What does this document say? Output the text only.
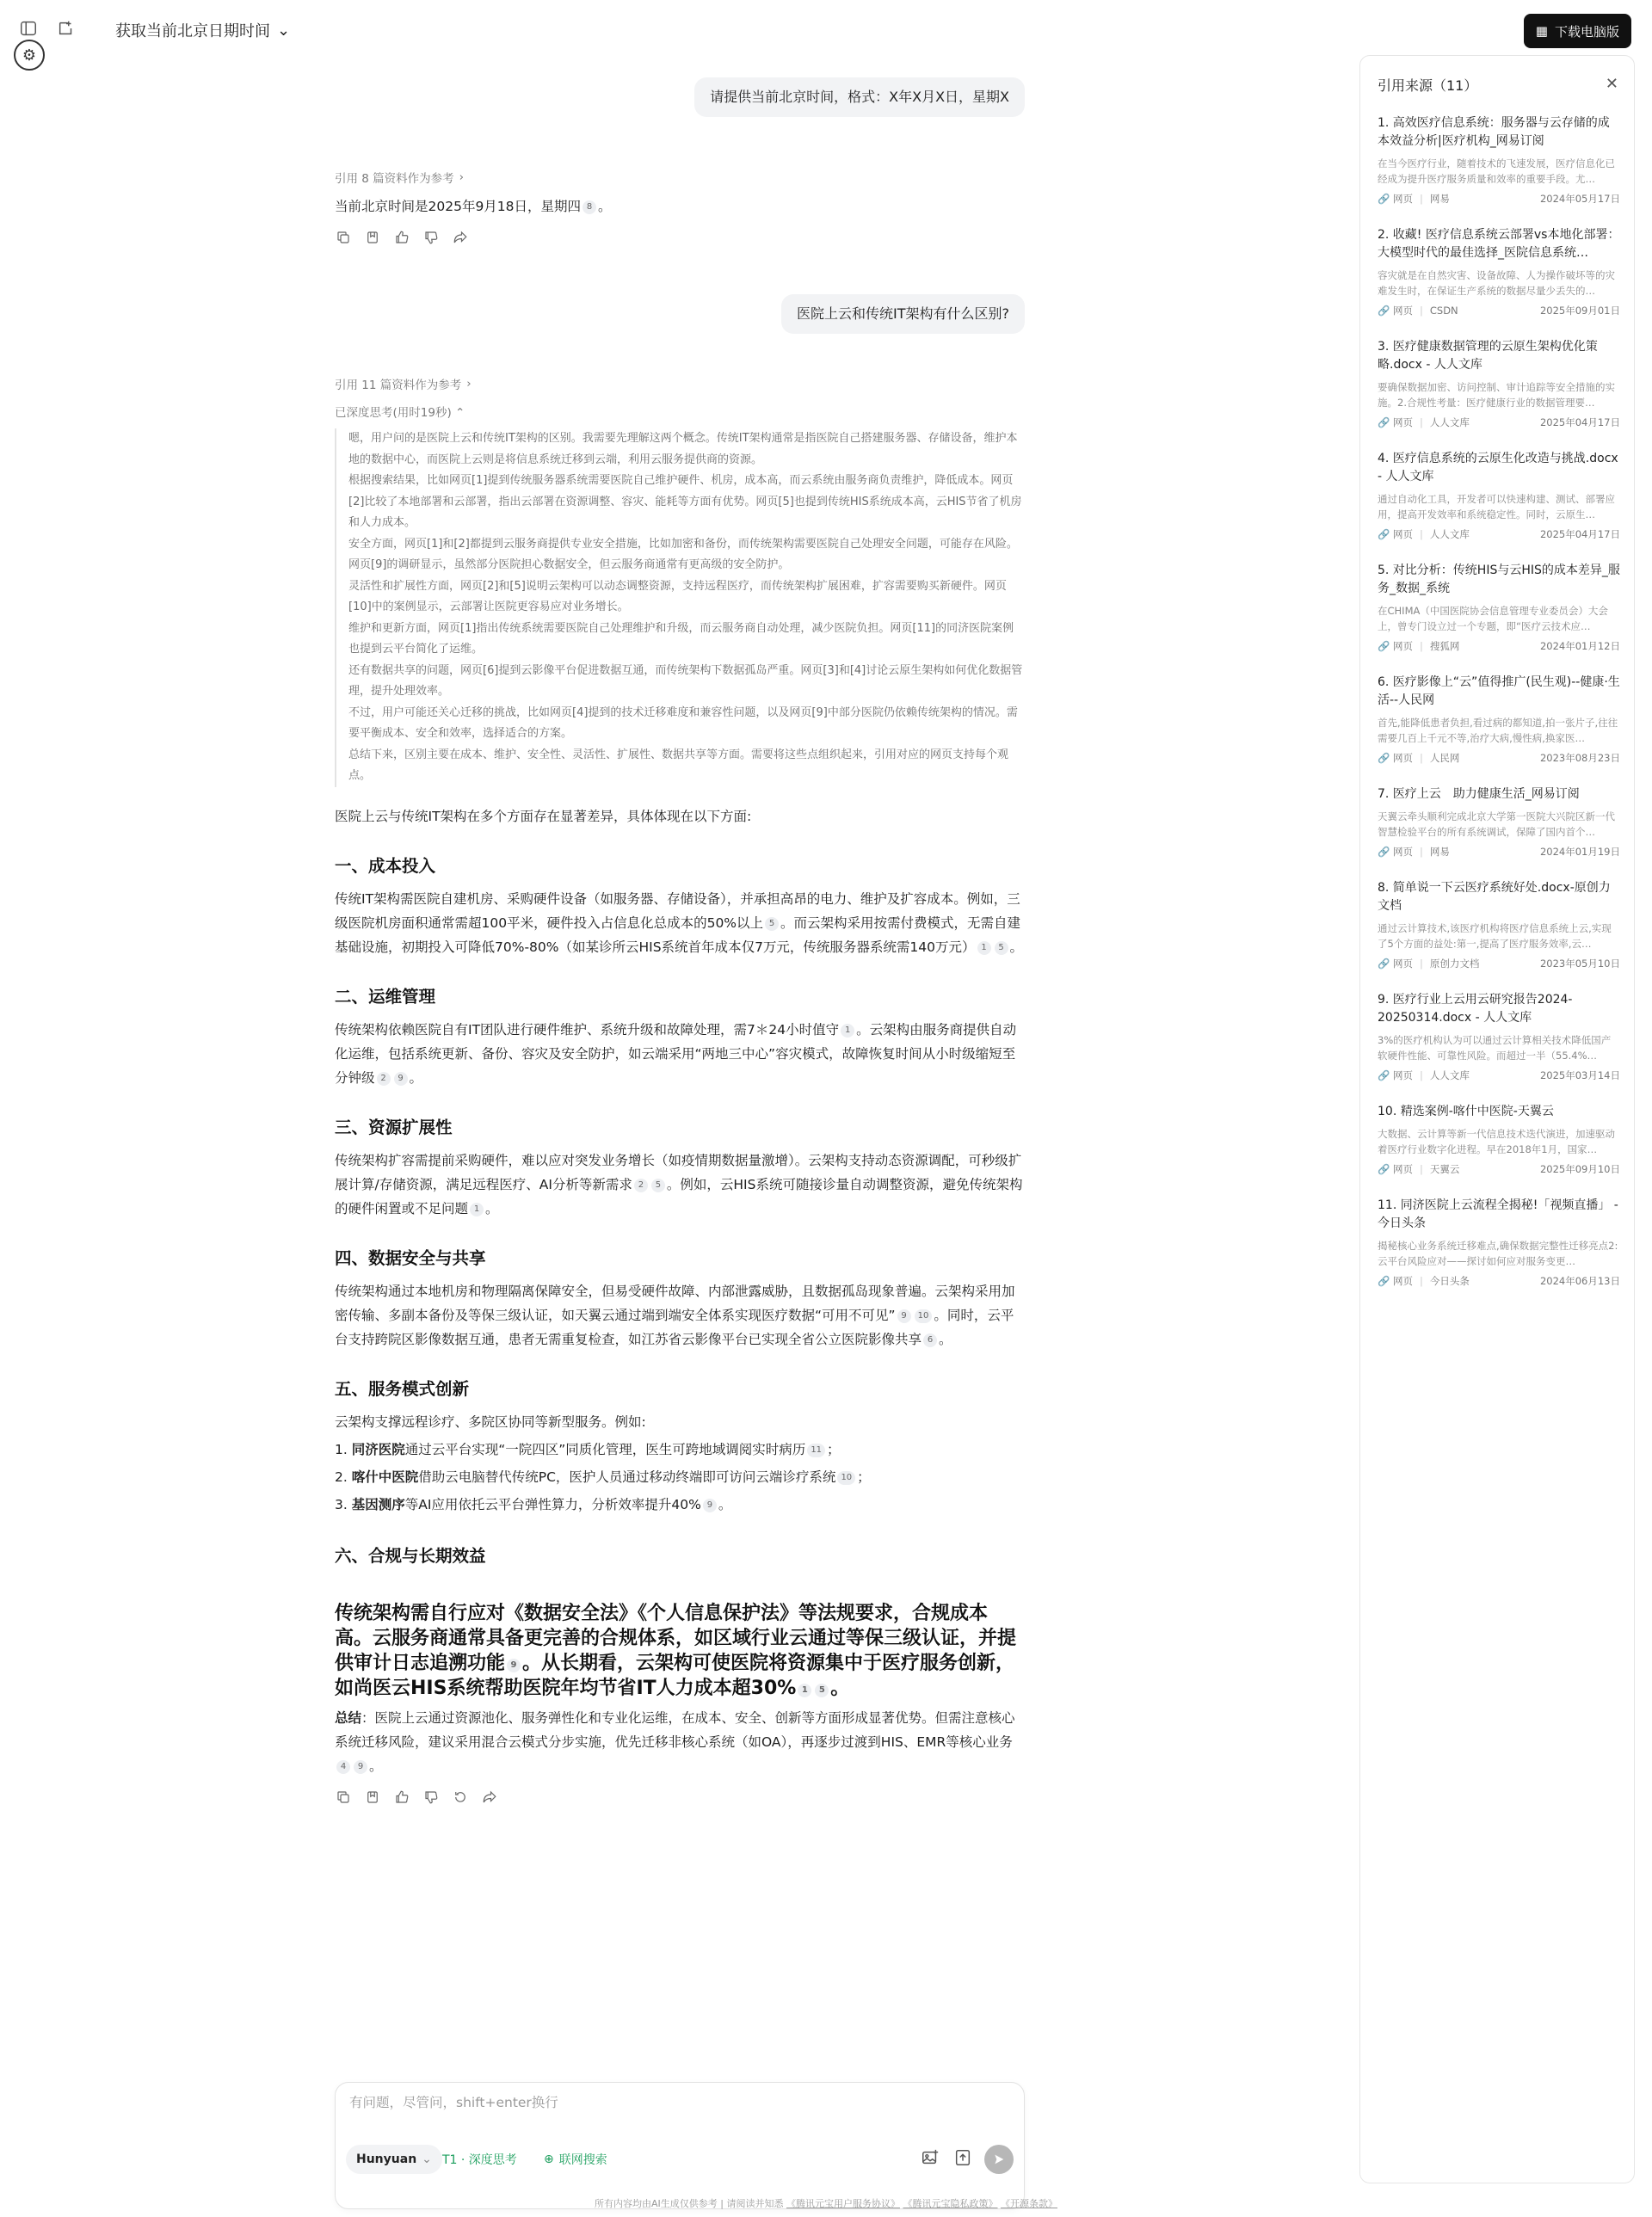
⚙
获取当前北京日期时间 ⌄	▦ 下载电脑版
请提供当前北京时间，格式：X年X月X日，星期X
引用 8 篇资料作为参考 ›
当前北京时间是2025年9月18日，星期四 8 。
医院上云和传统IT架构有什么区别?
引用 11 篇资料作为参考 ›
已深度思考(用时19秒) ⌃

嗯，用户问的是医院上云和传统IT架构的区别。我需要先理解这两个概念。传统IT架构通常是指医院自己搭建服务器、存储设备，维护本地的数据中心，而医院上云则是将信息系统迁移到云端，利用云服务提供商的资源。

根据搜索结果，比如网页[1]提到传统服务器系统需要医院自己维护硬件、机房，成本高，而云系统由服务商负责维护，降低成本。网页[2]比较了本地部署和云部署，指出云部署在资源调整、容灾、能耗等方面有优势。网页[5]也提到传统HIS系统成本高，云HIS节省了机房和人力成本。

安全方面，网页[1]和[2]都提到云服务商提供专业安全措施，比如加密和备份，而传统架构需要医院自己处理安全问题，可能存在风险。网页[9]的调研显示，虽然部分医院担心数据安全，但云服务商通常有更高级的安全防护。

灵活性和扩展性方面，网页[2]和[5]说明云架构可以动态调整资源，支持远程医疗，而传统架构扩展困难，扩容需要购买新硬件。网页[10]中的案例显示，云部署让医院更容易应对业务增长。

维护和更新方面，网页[1]指出传统系统需要医院自己处理维护和升级，而云服务商自动处理，减少医院负担。网页[11]的同济医院案例也提到云平台简化了运维。

还有数据共享的问题，网页[6]提到云影像平台促进数据互通，而传统架构下数据孤岛严重。网页[3]和[4]讨论云原生架构如何优化数据管理，提升处理效率。

不过，用户可能还关心迁移的挑战，比如网页[4]提到的技术迁移难度和兼容性问题，以及网页[9]中部分医院仍依赖传统架构的情况。需要平衡成本、安全和效率，选择适合的方案。

总结下来，区别主要在成本、维护、安全性、灵活性、扩展性、数据共享等方面。需要将这些点组织起来，引用对应的网页支持每个观点。

医院上云与传统IT架构在多个方面存在显著差异，具体体现在以下方面:
一、成本投入
传统IT架构需医院自建机房、采购硬件设备（如服务器、存储设备），并承担高昂的电力、维护及扩容成本。例如，三级医院机房面积通常需超100平米，硬件投入占信息化总成本的50%以上 5 。而云架构采用按需付费模式，无需自建基础设施，初期投入可降低70%-80%（如某诊所云HIS系统首年成本仅7万元，传统服务器系统需140万元） 1 5 。
二、运维管理
传统架构依赖医院自有IT团队进行硬件维护、系统升级和故障处理，需7＊24小时值守 1 。云架构由服务商提供自动化运维，包括系统更新、备份、容灾及安全防护，如云端采用“两地三中心”容灾模式，故障恢复时间从小时级缩短至分钟级 2 9 。
三、资源扩展性
传统架构扩容需提前采购硬件，难以应对突发业务增长（如疫情期数据量激增）。云架构支持动态资源调配，可秒级扩展计算/存储资源，满足远程医疗、AI分析等新需求 2 5 。例如，云HIS系统可随接诊量自动调整资源，避免传统架构的硬件闲置或不足问题 1 。
四、数据安全与共享
传统架构通过本地机房和物理隔离保障安全，但易受硬件故障、内部泄露威胁，且数据孤岛现象普遍。云架构采用加密传输、多副本备份及等保三级认证，如天翼云通过端到端安全体系实现医疗数据“可用不可见” 9 10 。同时，云平台支持跨院区影像数据互通，患者无需重复检查，如江苏省云影像平台已实现全省公立医院影像共享 6 。
五、服务模式创新
云架构支撑远程诊疗、多院区协同等新型服务。例如:
1. 同济医院通过云平台实现“一院四区”同质化管理，医生可跨地域调阅实时病历 11 ；
2. 喀什中医院借助云电脑替代传统PC，医护人员通过移动终端即可访问云端诊疗系统 10 ；
3. 基因测序等AI应用依托云平台弹性算力，分析效率提升40% 9 。
六、合规与长期效益
传统架构需自行应对《数据安全法》《个人信息保护法》等法规要求，合规成本高。云服务商通常具备更完善的合规体系，如区域行业云通过等保三级认证，并提供审计日志追溯功能 9 。从长期看，云架构可使医院将资源集中于医疗服务创新，如尚医云HIS系统帮助医院年均节省IT人力成本超30% 1 5 。
总结：医院上云通过资源池化、服务弹性化和专业化运维，在成本、安全、创新等方面形成显著优势。但需注意核心系统迁移风险，建议采用混合云模式分步实施，优先迁移非核心系统（如OA），再逐步过渡到HIS、EMR等核心业务4 9 。
有问题，尽管问，shift+enter换行
Hunyuan ⌄ T1 · 深度思考 ⊕ 联网搜索
所有内容均由AI生成仅供参考 | 请阅读并知悉 《腾讯元宝用户服务协议》 《腾讯元宝隐私政策》 《开源条款》
引用来源（11）	✕
1. 高效医疗信息系统：服务器与云存储的成本效益分析|医疗机构_网易订阅
在当今医疗行业，随着技术的飞速发展，医疗信息化已经成为提升医疗服务质量和效率的重要手段。尤…
🔗
网页 | 网易	2024年05月17日
2. 收藏! 医疗信息系统云部署vs本地化部署：大模型时代的最佳选择_医院信息系统…
容灾就是在自然灾害、设备故障、人为操作破坏等的灾难发生时，在保证生产系统的数据尽量少丢失的…
🔗
网页 | CSDN	2025年09月01日
3. 医疗健康数据管理的云原生架构优化策略.docx - 人人文库
要确保数据加密、访问控制、审计追踪等安全措施的实施。2.合规性考量：医疗健康行业的数据管理要…
🔗
网页 | 人人文库	2025年04月17日
4. 医疗信息系统的云原生化改造与挑战.docx - 人人文库
通过自动化工具，开发者可以快速构建、测试、部署应用，提高开发效率和系统稳定性。同时，云原生…
🔗
网页 | 人人文库	2025年04月17日
5. 对比分析：传统HIS与云HIS的成本差异_服务_数据_系统
在CHIMA（中国医院协会信息管理专业委员会）大会上，曾专门设立过一个专题，即“医疗云技术应…
🔗
网页 | 搜狐网	2024年01月12日
6. 医疗影像上“云”值得推广(民生观)--健康·生活--人民网
首先,能降低患者负担,看过病的都知道,拍一张片子,往往需要几百上千元不等,治疗大病,慢性病,换家医…
🔗
网页 | 人民网	2023年08月23日
7. 医疗上云　助力健康生活_网易订阅
天翼云牵头顺利完成北京大学第一医院大兴院区新一代智慧检验平台的所有系统调试，保障了国内首个…
🔗
网页 | 网易	2024年01月19日
8. 简单说一下云医疗系统好处.docx-原创力文档
通过云计算技术,该医疗机构将医疗信息系统上云,实现了5个方面的益处:第一,提高了医疗服务效率,云…
🔗
网页 | 原创力文档	2023年05月10日
9. 医疗行业上云用云研究报告2024-20250314.docx - 人人文库
3%的医疗机构认为可以通过云计算相关技术降低国产软硬件性能、可靠性风险。而超过一半（55.4%…
🔗
网页 | 人人文库	2025年03月14日
10. 精选案例-喀什中医院-天翼云
大数据、云计算等新一代信息技术迭代演进，加速驱动着医疗行业数字化进程。早在2018年1月，国家…
🔗
网页 | 天翼云	2025年09月10日
11. 同济医院上云流程全揭秘!「视频直播」 - 今日头条
揭秘核心业务系统迁移难点,确保数据完整性迁移亮点2:云平台风险应对——探讨如何应对服务变更…
🔗
网页 | 今日头条	2024年06月13日
